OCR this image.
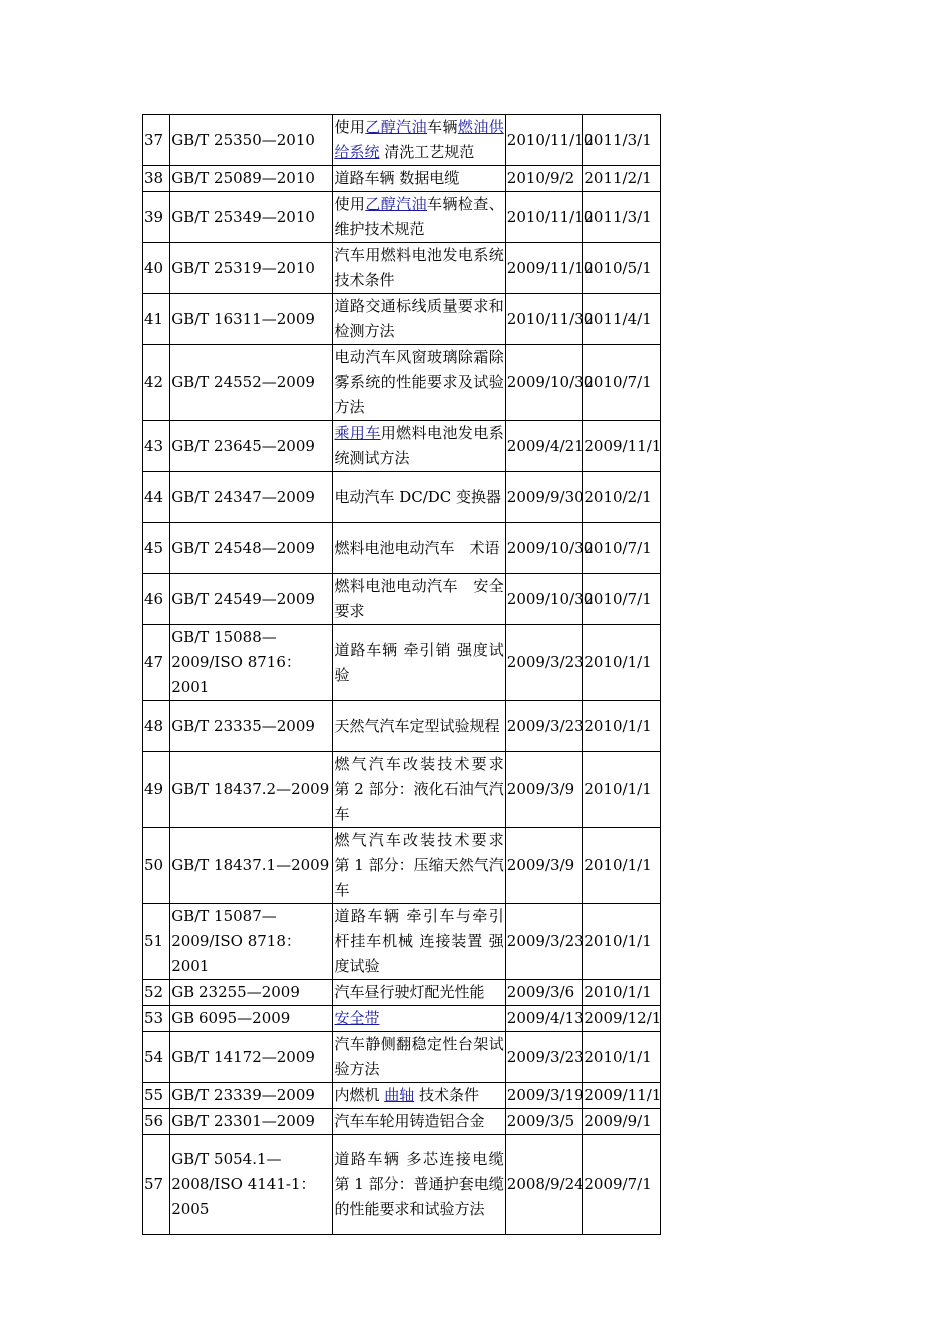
37	GB/T 25350—2010	使用乙醇汽油车辆燃油供给系统 清洗工艺规范	2010/11/10	2011/3/1
38	GB/T 25089—2010	道路车辆 数据电缆	2010/9/2	2011/2/1
39	GB/T 25349—2010	使用乙醇汽油车辆检查、维护技术规范	2010/11/10	2011/3/1
40	GB/T 25319—2010	汽车用燃料电池发电系统　技术条件	2009/11/10	2010/5/1
41	GB/T 16311—2009	道路交通标线质量要求和检测方法	2010/11/30	2011/4/1
42	GB/T 24552—2009	电动汽车风窗玻璃除霜除雾系统的性能要求及试验方法	2009/10/30	2010/7/1
43	GB/T 23645—2009	乘用车用燃料电池发电系统测试方法	2009/4/21	2009/11/1
44	GB/T 24347—2009	电动汽车 DC/DC 变换器	2009/9/30	2010/2/1
45	GB/T 24548—2009	燃料电池电动汽车　术语	2009/10/30	2010/7/1
46	GB/T 24549—2009	燃料电池电动汽车　安全要求	2009/10/30	2010/7/1
47	GB/T 15088—2009/ISO 8716：2001	道路车辆 牵引销 强度试验	2009/3/23	2010/1/1
48	GB/T 23335—2009	天然气汽车定型试验规程	2009/3/23	2010/1/1
49	GB/T 18437.2—2009	燃气汽车改装技术要求 第 2 部分：液化石油气汽车	2009/3/9	2010/1/1
50	GB/T 18437.1—2009	燃气汽车改装技术要求 第 1 部分：压缩天然气汽车	2009/3/9	2010/1/1
51	GB/T 15087—2009/ISO 8718：2001	道路车辆 牵引车与牵引杆挂车机械 连接装置 强度试验	2009/3/23	2010/1/1
52	GB 23255—2009	汽车昼行驶灯配光性能	2009/3/6	2010/1/1
53	GB 6095—2009	安全带	2009/4/13	2009/12/1
54	GB/T 14172—2009	汽车静侧翻稳定性台架试验方法	2009/3/23	2010/1/1
55	GB/T 23339—2009	内燃机 曲轴 技术条件	2009/3/19	2009/11/1
56	GB/T 23301—2009	汽车车轮用铸造铝合金	2009/3/5	2009/9/1
57	GB/T 5054.1—2008/ISO 4141-1：2005	道路车辆 多芯连接电缆 第 1 部分：普通护套电缆的性能要求和试验方法	2008/9/24	2009/7/1
